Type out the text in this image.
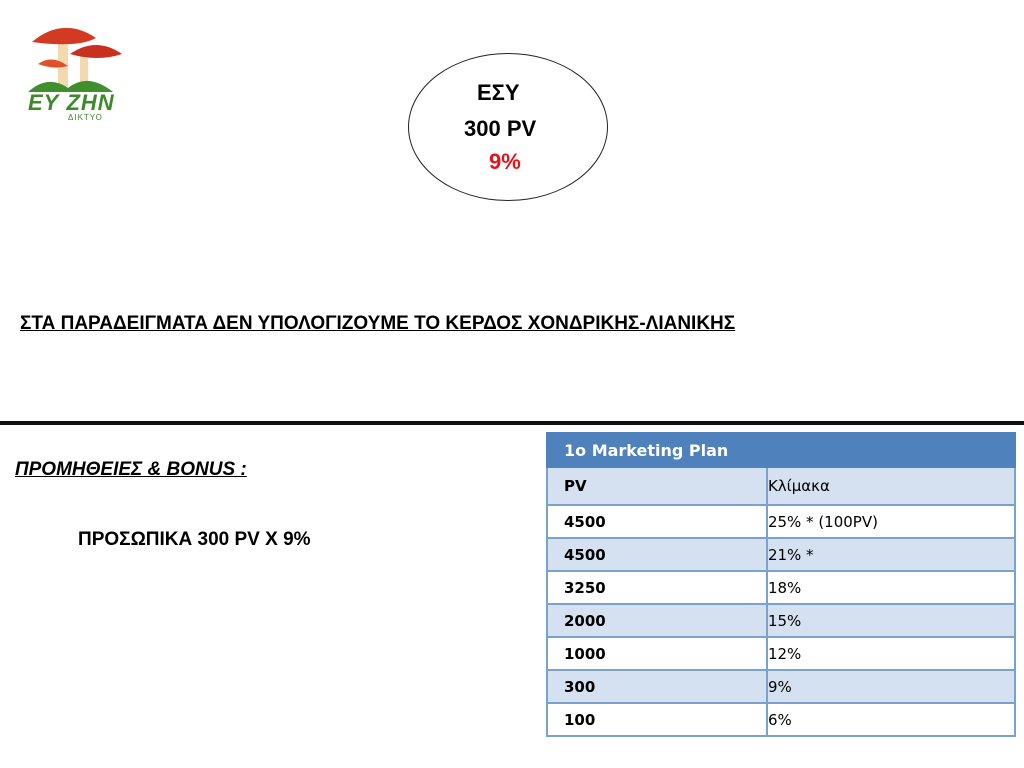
ΕΥ ΖΗΝ
ΔΙΚΤΥΟ
ΕΣΥ
300 PV
9%
ΣΤΑ ΠΑΡΑΔΕΙΓΜΑΤΑ ΔΕΝ ΥΠΟΛΟΓΙΖΟΥΜΕ ΤΟ ΚΕΡΔΟΣ ΧΟΝΔΡΙΚΗΣ-ΛΙΑΝΙΚΗΣ
ΠΡΟΜΗΘΕΙΕΣ & BONUS :
ΠΡΟΣΩΠΙΚΑ 300 PV Χ 9%
1ο Marketing Plan	
PV	Κλίμακα
4500	25% * (100PV)
4500	21% *
3250	18%
2000	15%
1000	12%
300	9%
100	6%
